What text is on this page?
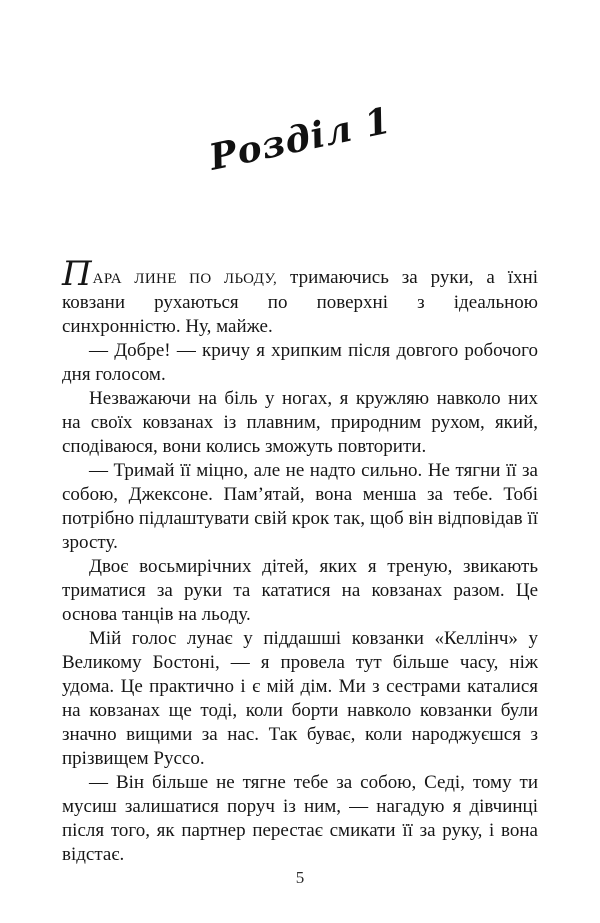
Розділ 1

ПАРА ЛИНЕ ПО ЛЬОДУ, тримаючись за руки, а їхні ковзани рухаються по поверхні з ідеальною синхронністю. Ну, майже.

— Добре! — кричу я хрипким після довгого робочого дня голосом.

Незважаючи на біль у ногах, я кружляю навколо них на своїх ковзанах із плавним, природним рухом, який, сподіваюся, вони колись зможуть повторити.

— Тримай її міцно, але не надто сильно. Не тягни її за собою, Джексоне. Пам’ятай, вона менша за тебе. Тобі потрібно підлаштувати свій крок так, щоб він відповідав її зросту.

Двоє восьмирічних дітей, яких я треную, звикають триматися за руки та кататися на ковзанах разом. Це основа танців на льоду.

Мій голос лунає у піддашші ковзанки «Келлінч» у Великому Бостоні, — я провела тут більше часу, ніж удома. Це практично і є мій дім. Ми з сестрами каталися на ковзанах ще тоді, коли борти навколо ковзанки були значно вищими за нас. Так буває, коли народжуєшся з прізвищем Руссо.

— Він більше не тягне тебе за собою, Седі, тому ти мусиш залишатися поруч із ним, — нагадую я дівчинці після того, як партнер перестає смикати її за руку, і вона відстає.

5
